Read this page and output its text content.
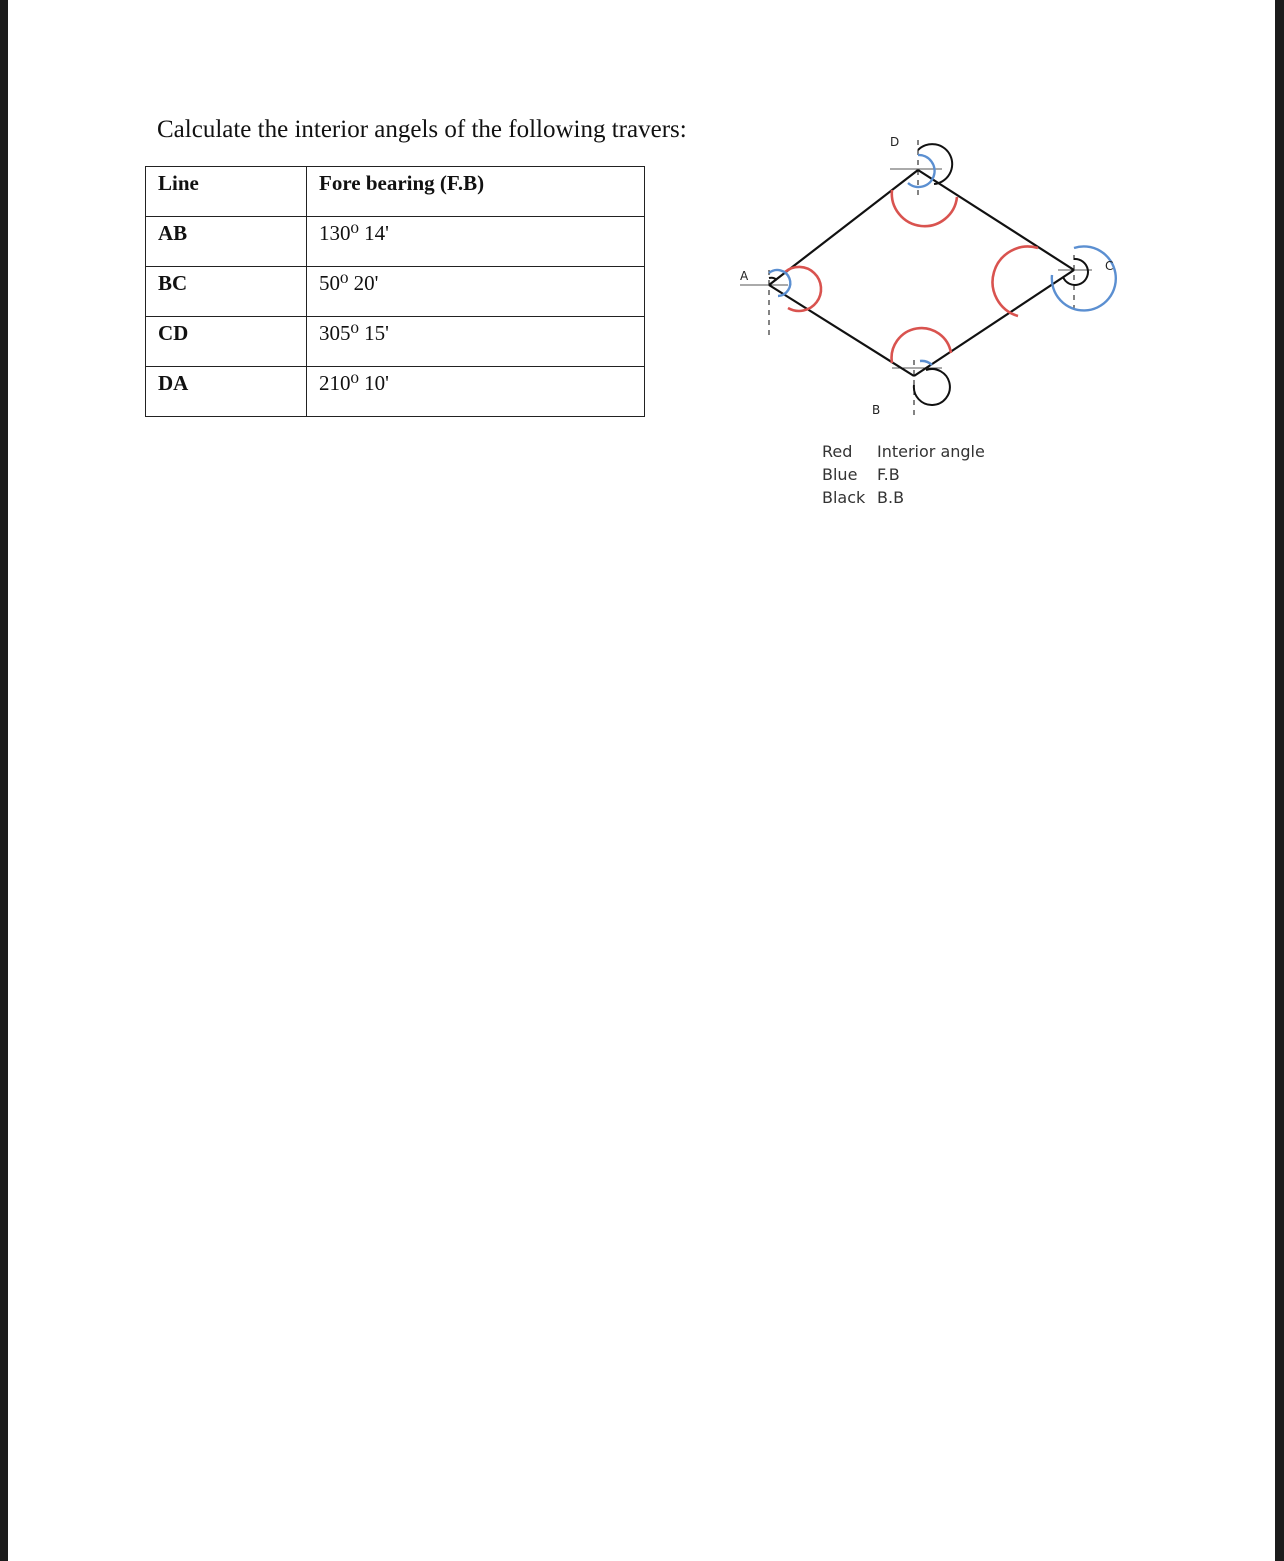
Calculate the interior angels of the following travers:
Line	Fore bearing (F.B)
AB	130⁰ 14'
BC	50⁰ 20'
CD	305⁰ 15'
DA	210⁰ 10'
A
B
C
D
Red Interior angle
Blue F.B
Black B.B
